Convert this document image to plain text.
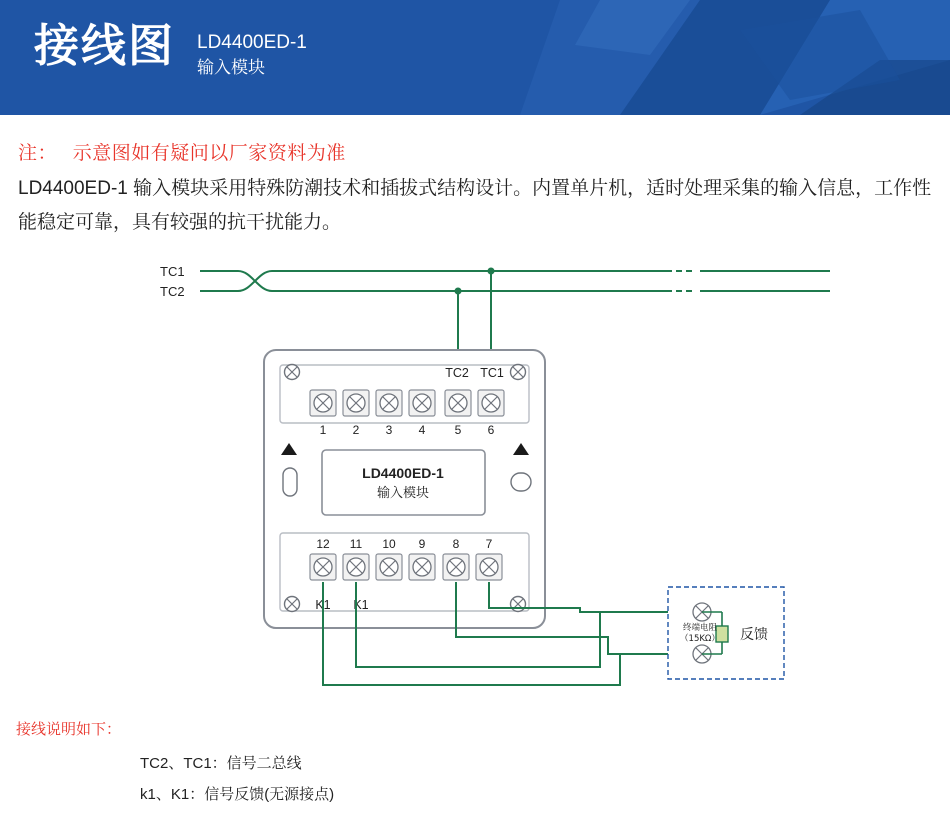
接线图 LD4400ED-1
输入模块
注： 示意图如有疑问以厂家资料为准
LD4400ED-1 输入模块采用特殊防潮技术和插拔式结构设计。内置单片机，适时处理采集的输入信息，工作性能稳定可靠，具有较强的抗干扰能力。
TC1
TC2
TC2 TC1
1 2 3 4 5 6
LD4400ED-1
输入模块
12 11 10 9 8 7
K1 K1
终端电阻
（15KΩ） 反馈
接线说明如下：
TC2、TC1：信号二总线
k1、K1：信号反馈(无源接点)
